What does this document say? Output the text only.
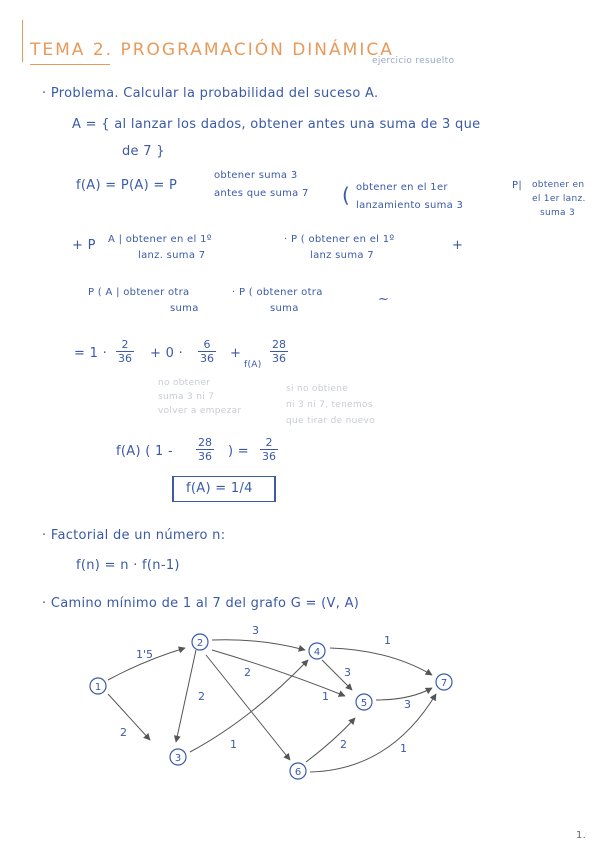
TEMA 2. PROGRAMACIÓN DINÁMICA
ejercicio resuelto
· Problema. Calcular la probabilidad del suceso A.
A = { al lanzar los dados, obtener antes una suma de 3 que
de 7 }
f(A) = P(A) = P
obtener suma 3
antes que suma 7 ( obtener en el 1er
lanzamiento suma 3
P| obtener en
el 1er lanz.
suma 3
+ P A | obtener en el 1º
lanz. suma 7
· P ( obtener en el 1º
lanz suma 7
+
P ( A | obtener otra
suma
· P ( obtener otra
suma
~
= $1 \cdot \frac{2}{36} + 0 \cdot \frac{6}{36}$ +
$f(A) \frac{28}{36}$
no obtener
suma 3 ni 7
volver a empezar
si no obtiene
ni 3 ni 7, tenemos
que tirar de nuevo
f(A) ( $1 - \frac{28}{36}$ ) = $\frac{2}{36}$
f(A) = 1/4
· Factorial de un número n:
f(n) = n · f(n-1)
· Camino mínimo de 1 al 7 del grafo G = (V, A)
1
2
3
4
5
6
7
1'5
2
3
2	1
2
1
3
3
2	1
1
1.
